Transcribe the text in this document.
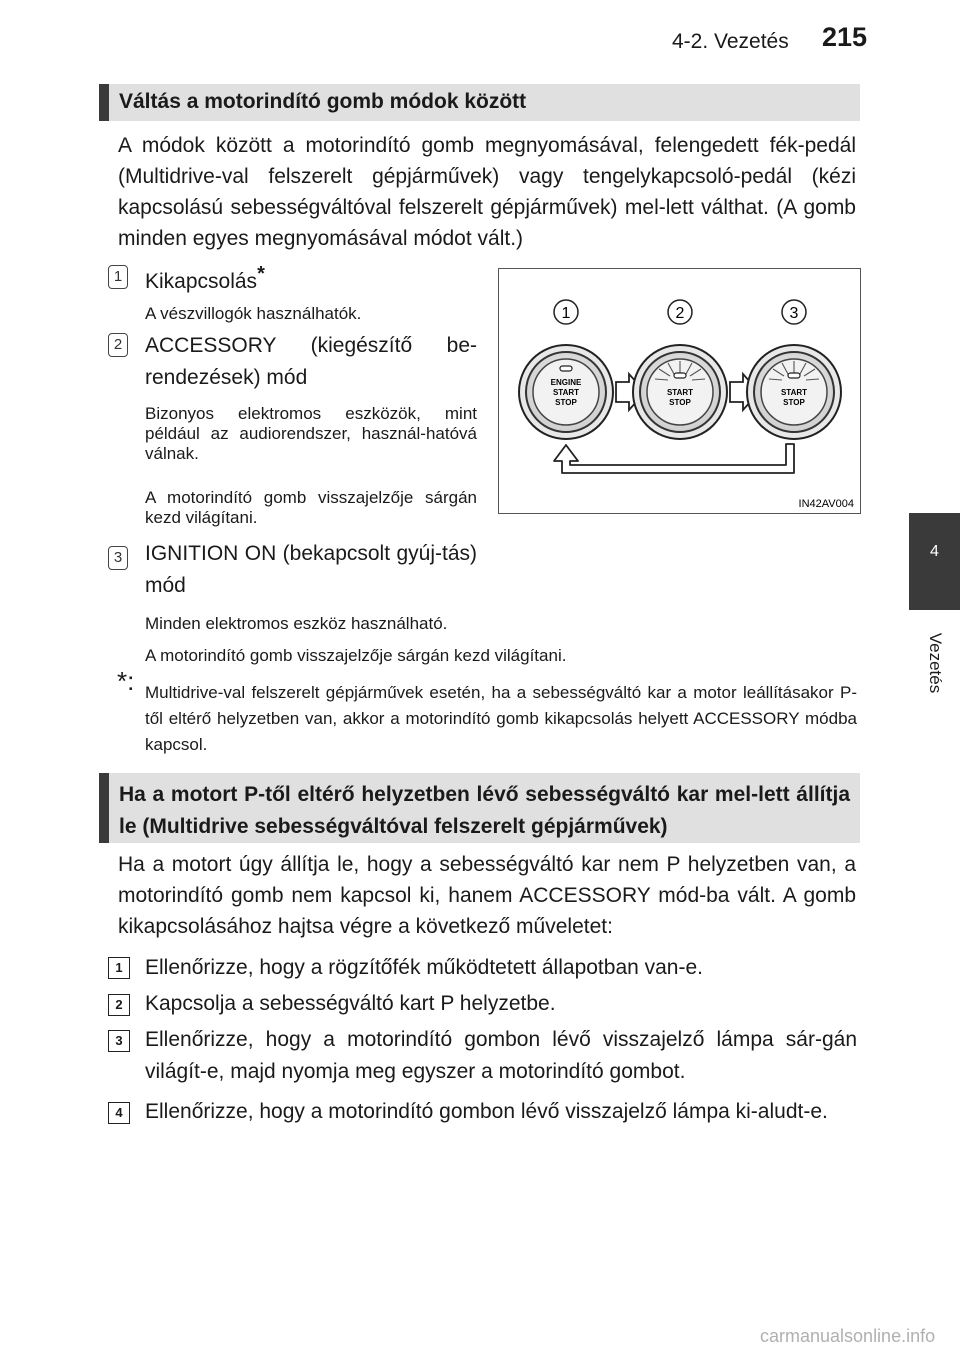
4-2. Vezetés 215
4
Vezetés
Váltás a motorindító gomb módok között
A módok között a motorindító gomb megnyomásával, felengedett fék-pedál (Multidrive-val felszerelt gépjárművek) vagy tengelykapcsoló-pedál (kézi kapcsolású sebességváltóval felszerelt gépjárművek) mel-lett válthat. (A gomb minden egyes megnyomásával módot vált.)
1 Kikapcsolás*
A vészvillogók használhatók.
2 ACCESSORY (kiegészítő be-rendezések) mód
Bizonyos elektromos eszközök, mint például az audiorendszer, használ-hatóvá válnak.
A motorindító gomb visszajelzője sárgán kezd világítani.
3 IGNITION ON (bekapcsolt gyúj-tás) mód
Minden elektromos eszköz használható.
A motorindító gomb visszajelzője sárgán kezd világítani.
*: Multidrive-val felszerelt gépjárművek esetén, ha a sebességváltó kar a motor leállításakor P-től eltérő helyzetben van, akkor a motorindító gomb kikapcsolás helyett ACCESSORY módba kapcsol.
1	2	3
ENGINE
START
STOP
START
STOP
START
STOP
IN42AV004
Ha a motort P-től eltérő helyzetben lévő sebességváltó kar mel-lett állítja le (Multidrive sebességváltóval felszerelt gépjárművek)
Ha a motort úgy állítja le, hogy a sebességváltó kar nem P helyzetben van, a motorindító gomb nem kapcsol ki, hanem ACCESSORY mód-ba vált. A gomb kikapcsolásához hajtsa végre a következő műveletet:
1	Ellenőrizze, hogy a rögzítőfék működtetett állapotban van-e.
2	Kapcsolja a sebességváltó kart P helyzetbe.
3	Ellenőrizze, hogy a motorindító gombon lévő visszajelző lámpa sár-gán világít-e, majd nyomja meg egyszer a motorindító gombot.
4	Ellenőrizze, hogy a motorindító gombon lévő visszajelző lámpa ki-aludt-e.
carmanualsonline.info
